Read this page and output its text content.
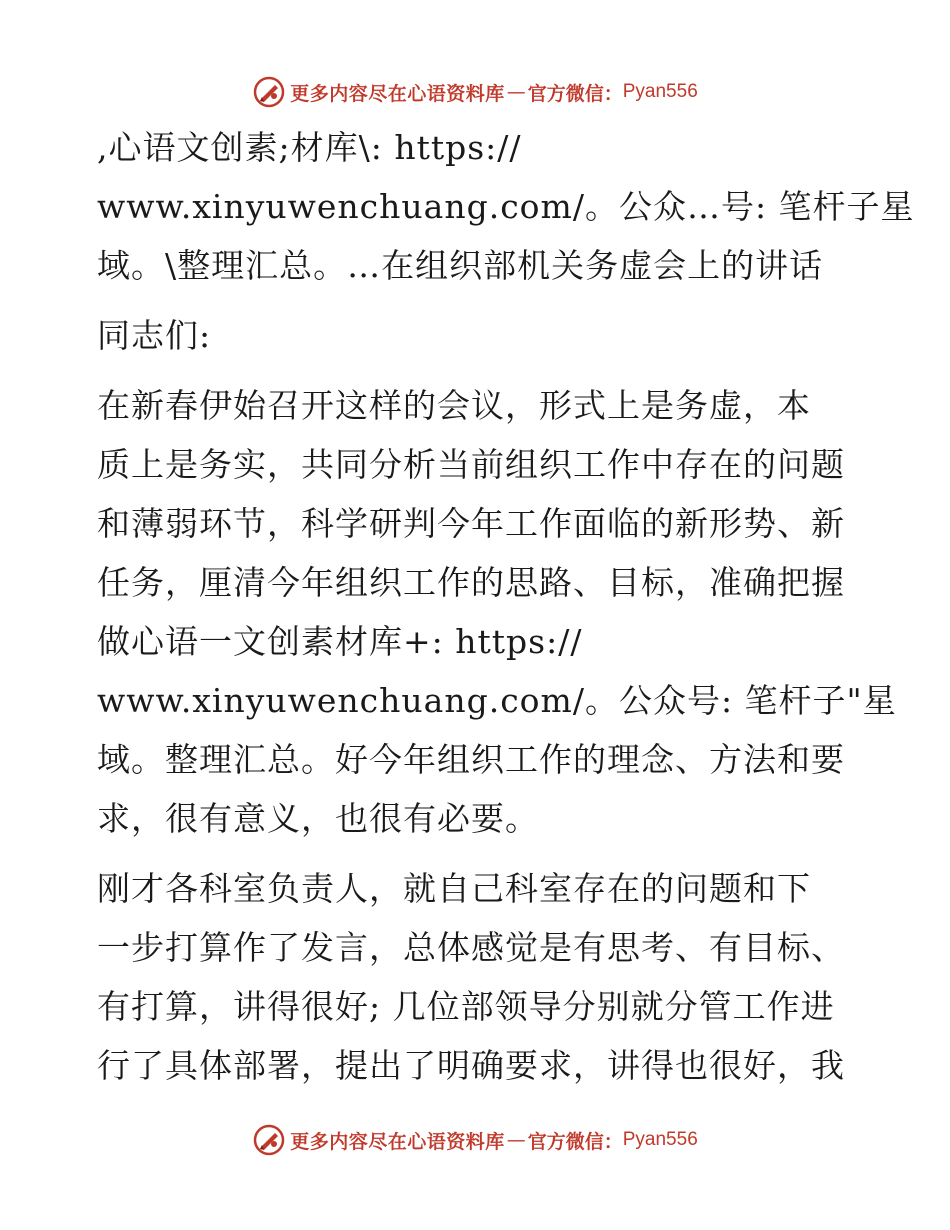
更多内容尽在心语资料库 — 官方微信： Pyan556
,心语文创素;材库\: https://
www.xinyuwenchuang.com/。公众…号: 笔杆子星
域。\整理汇总。…在组织部机关务虚会上的讲话
同志们:
在新春伊始召开这样的会议，形式上是务虚，本
质上是务实，共同分析当前组织工作中存在的问题
和薄弱环节，科学研判今年工作面临的新形势、新
任务，厘清今年组织工作的思路、目标，准确把握
做心语一文创素材库+: https://
www.xinyuwenchuang.com/。公众号: 笔杆子"星
域。整理汇总。好今年组织工作的理念、方法和要
求，很有意义，也很有必要。
刚才各科室负责人，就自己科室存在的问题和下
一步打算作了发言，总体感觉是有思考、有目标、
有打算，讲得很好; 几位部领导分别就分管工作进
行了具体部署，提出了明确要求，讲得也很好，我
更多内容尽在心语资料库 — 官方微信： Pyan556
